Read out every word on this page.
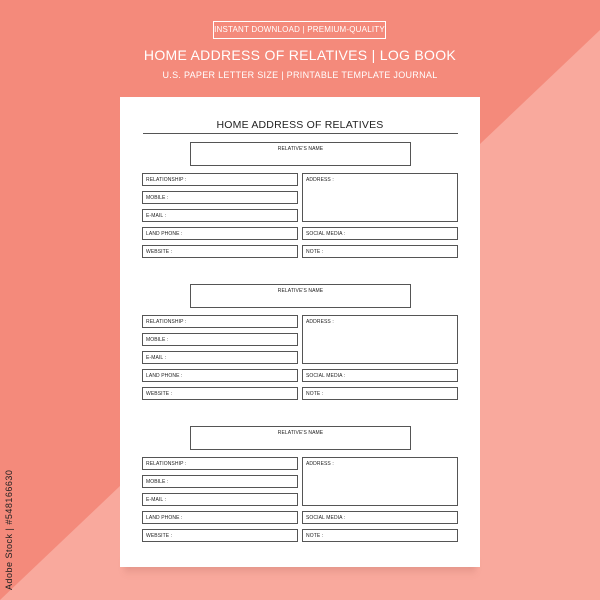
INSTANT DOWNLOAD | PREMIUM-QUALITY
HOME ADDRESS OF RELATIVES | LOG BOOK
U.S. PAPER LETTER SIZE | PRINTABLE TEMPLATE JOURNAL
Adobe Stock | #548166630
HOME ADDRESS OF RELATIVES
RELATIVE'S NAME
RELATIONSHIP :
MOBILE :
E-MAIL :
ADDRESS :
LAND PHONE :	SOCIAL MEDIA :
WEBSITE :	NOTE :
RELATIVE'S NAME
RELATIONSHIP :
MOBILE :
E-MAIL :
ADDRESS :
LAND PHONE :	SOCIAL MEDIA :
WEBSITE :	NOTE :
RELATIVE'S NAME
RELATIONSHIP :
MOBILE :
E-MAIL :
ADDRESS :
LAND PHONE :	SOCIAL MEDIA :
WEBSITE :	NOTE :
